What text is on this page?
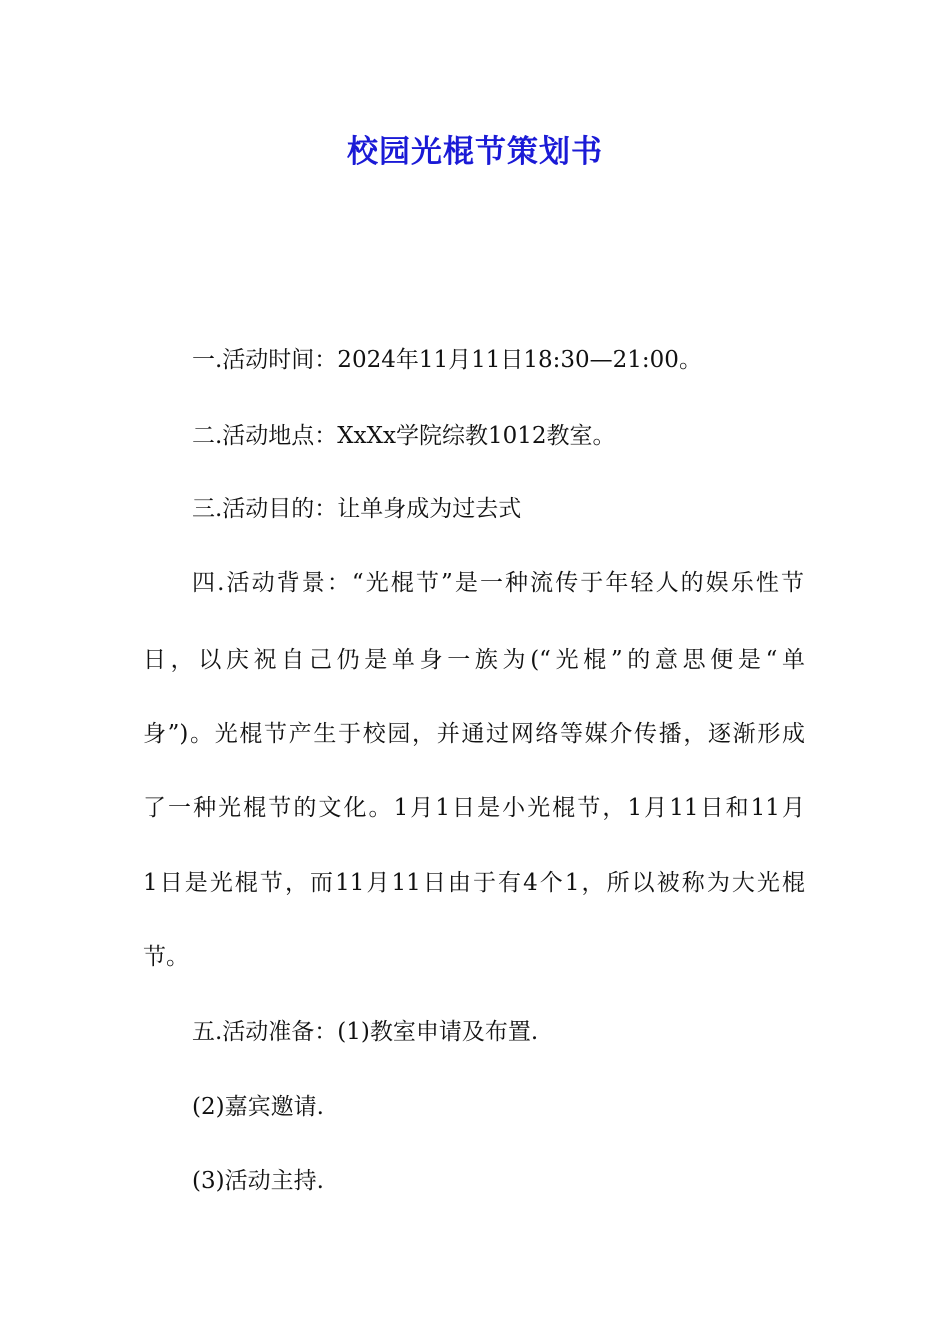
校园光棍节策划书

一.活动时间：2024年11月11日18:30—21:00。

二.活动地点：XxXx学院综教1012教室。

三.活动目的：让单身成为过去式

四.活动背景：“光棍节”是一种流传于年轻人的娱乐性节

日，以庆祝自己仍是单身一族为(“光棍”的意思便是“单

身”)。光棍节产生于校园，并通过网络等媒介传播，逐渐形成

了一种光棍节的文化。1月1日是小光棍节，1月11日和11月

1日是光棍节，而11月11日由于有4个1，所以被称为大光棍

节。

五.活动准备：(1)教室申请及布置.

(2)嘉宾邀请.

(3)活动主持.
